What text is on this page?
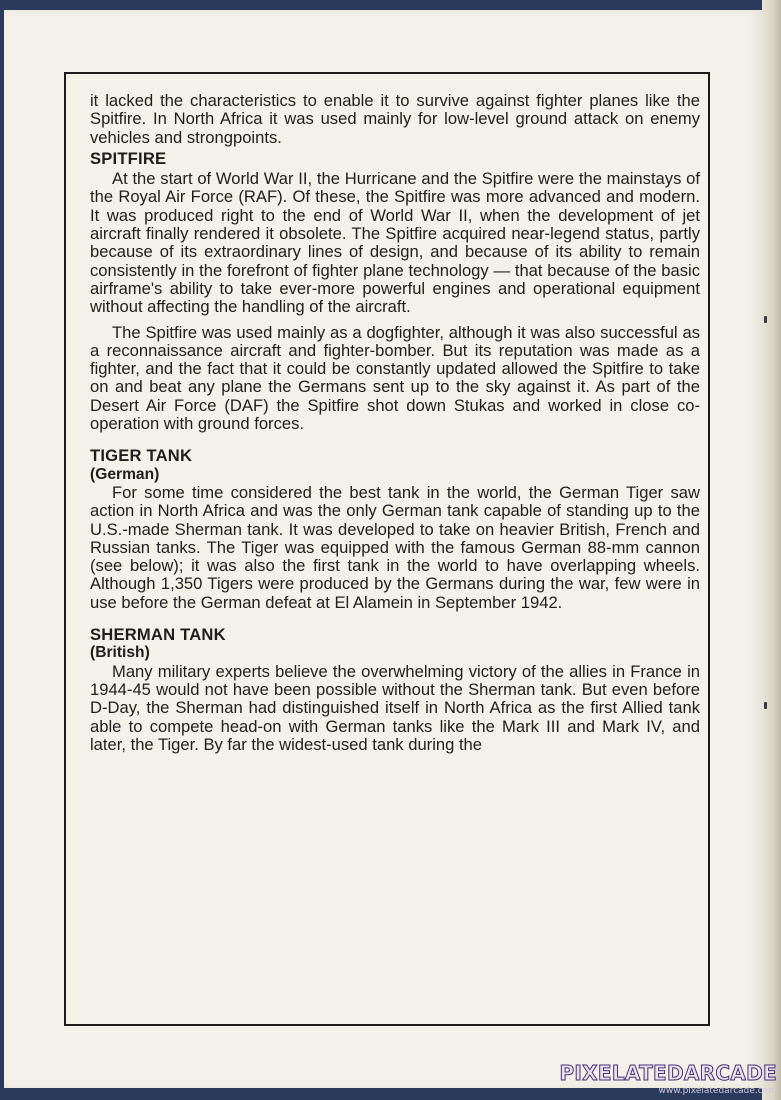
it lacked the characteristics to enable it to survive against fighter planes like the Spitfire. In North Africa it was used mainly for low-level ground attack on enemy vehicles and strongpoints.

SPITFIRE

At the start of World War II, the Hurricane and the Spitfire were the mainstays of the Royal Air Force (RAF). Of these, the Spitfire was more advanced and modern. It was produced right to the end of World War II, when the development of jet aircraft finally rendered it obsolete. The Spitfire acquired near-legend status, partly because of its extraordinary lines of design, and because of its ability to remain consistently in the forefront of fighter plane technology — that because of the basic airframe's ability to take ever-more powerful engines and operational equipment without affecting the handling of the aircraft.

The Spitfire was used mainly as a dogfighter, although it was also successful as a reconnaissance aircraft and fighter-bomber. But its reputation was made as a fighter, and the fact that it could be constantly updated allowed the Spitfire to take on and beat any plane the Germans sent up to the sky against it. As part of the Desert Air Force (DAF) the Spitfire shot down Stukas and worked in close co-operation with ground forces.

TIGER TANK
(German)

For some time considered the best tank in the world, the German Tiger saw action in North Africa and was the only German tank capable of standing up to the U.S.-made Sherman tank. It was developed to take on heavier British, French and Russian tanks. The Tiger was equipped with the famous German 88-mm cannon (see below); it was also the first tank in the world to have overlapping wheels. Although 1,350 Tigers were produced by the Germans during the war, few were in use before the German defeat at El Alamein in September 1942.

SHERMAN TANK
(British)

Many military experts believe the overwhelming victory of the allies in France in 1944-45 would not have been possible without the Sherman tank. But even before D-Day, the Sherman had distinguished itself in North Africa as the first Allied tank able to compete head-on with German tanks like the Mark III and Mark IV, and later, the Tiger. By far the widest-used tank during the

PIXELATEDARCADE
www.pixelatedarcade.com
